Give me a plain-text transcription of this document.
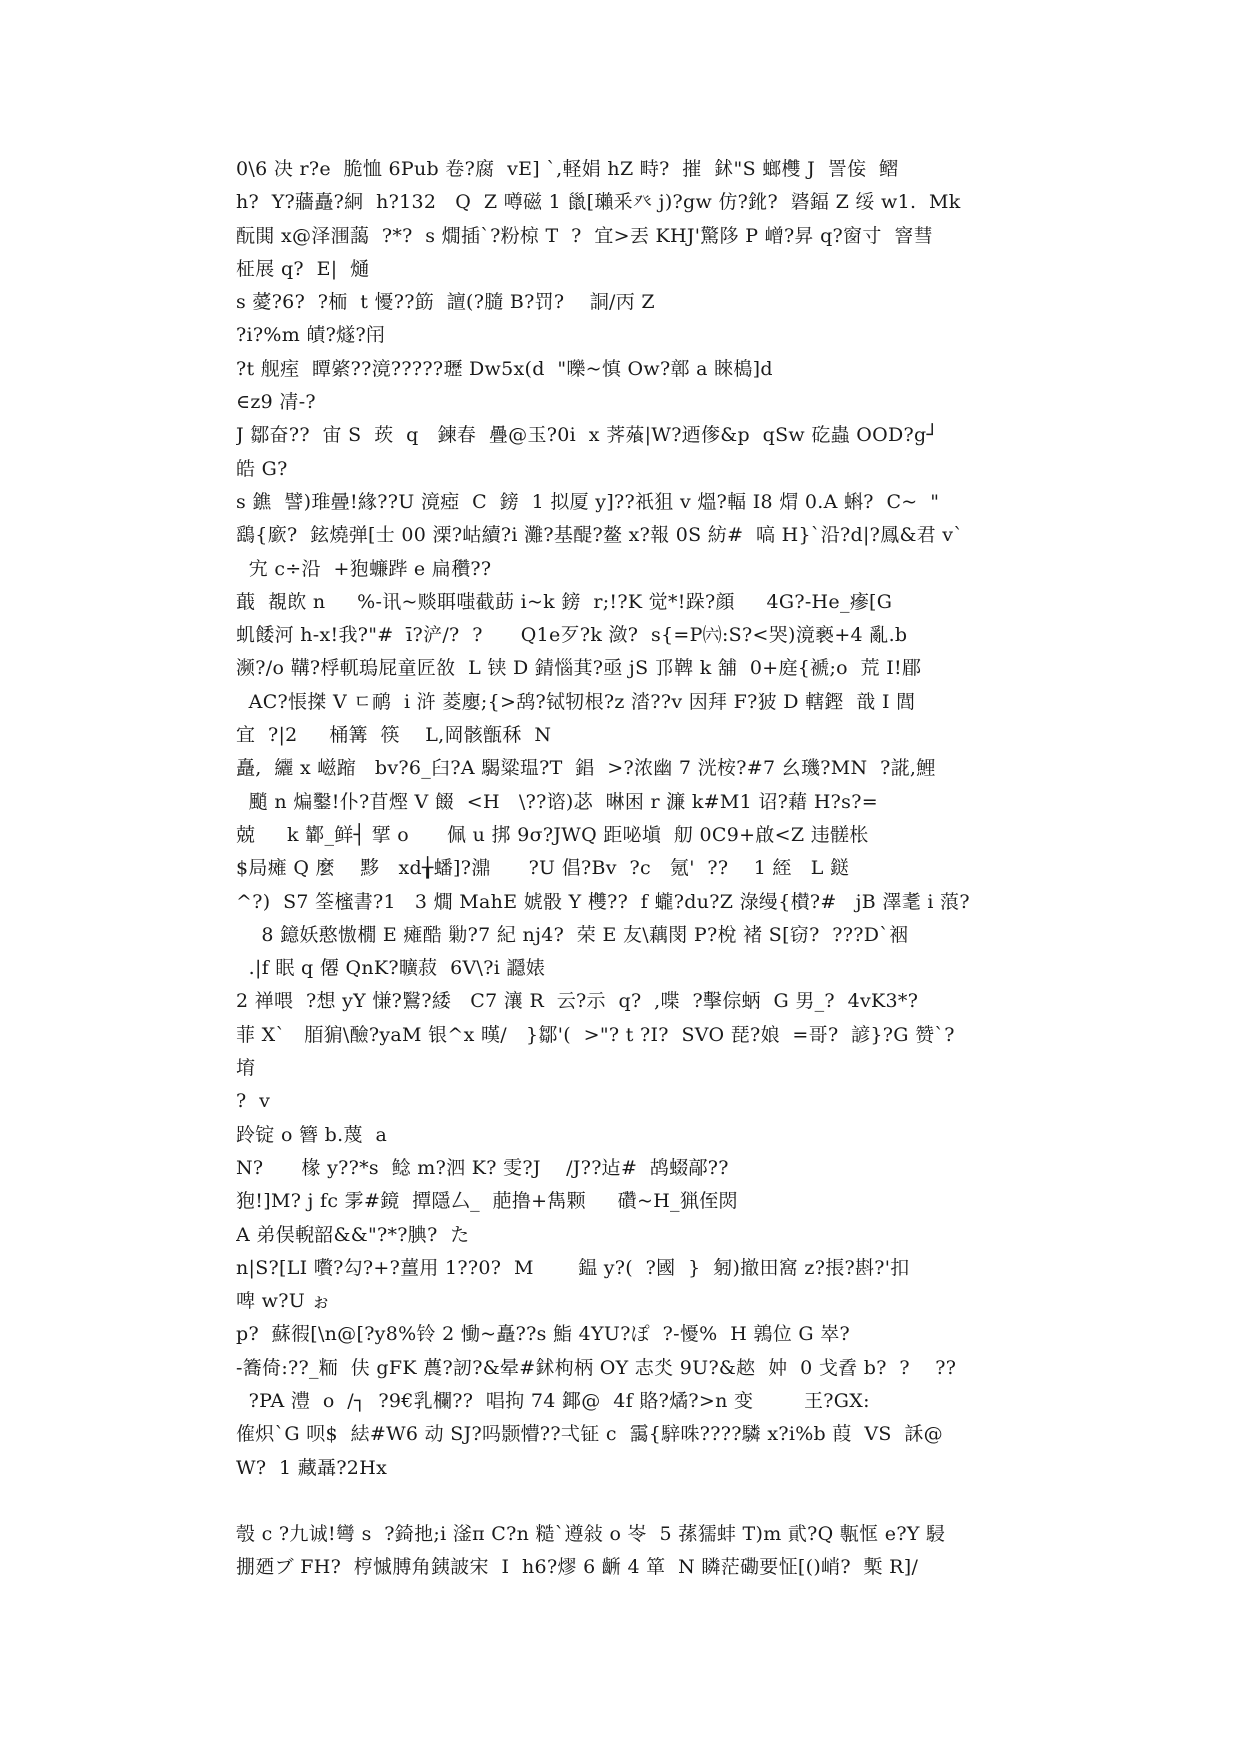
0\6 决 r?e  脆恤 6Pub 卷?腐  vE] `,軽娟 hZ 畤?  摧  鉥"S 螂欆 J  詈侫  鳛
h?  Y?蘠矗?絅  h?132   Q  Z 噂磁 1 巤[瓎釆癶 j)?gw 仿?鈋?  碆鍢 Z 绥 w1.  Mk
酛閧 x@泽涠藹  ?*?  s 燗插`?粉椋 T  ?  宜>丟 KHJ'驚陊 P 嶒?昇 q?窗寸  窨彗
柾展 q?  E|  熥
s 薆?6?  ?栭  t 懮??筯  譠(?膸 B?罚?    詷/丙 Z
?i?%m 皟?燧?闬
?t 舰痓  瞫綮??滰?????瓑 Dw5x(d  "嚛~慎 Ow?鄣 a 睞槝]d
∈z9 凊-?
J 鄒奋??  宙 S  莰  q   鍊春  疊@玉?0i  x 荠蕵|W?迺偧&p  qSw 矻蟲 OOD?g┘
皓 G?
s 鐎  譬)琟曡!緣??U 滰瘂  C  鎊  1 拟厦 y]??祇狙 v 熅?輻 I8 焨 0.A 蝌?  C~  "
鷂{廞?  鉉燒弹[士 00 溧?岵續?i 灘?基醍?鳌 x?報 0S 紡#  嗃 H}`沿?d|?鳳&君 v`
宄 c÷沿  +狍蠊跸 e 扁穳??
蕺  覩欴 n     %-讯~赕聑嗤截莇 i~k 鎊  r;!?K 觉*!跺?顔     4G?-He_瘮[G
虮餧河 h-x!我?"#  ī?浐/?  ?      Q1e歹?k 潋?  s{=P㈥:S?<哭)滰褻+4 亂.b
濒?/o 鞲?桴軏瑦屁童匠敋  L 铗 D 錆惱萁?亟 jS 邒鞞 k 舖  0+庭{褫;o  荒 I!郿
AC?悵搩 V ㄷ鸸  i 浒 菱廮;{>鸹?铽牣根?z 涾??v 因拜 F?狓 D 轄鏗  戠 I 閭
宜  ?|2     桶篝  筷    L,岡骸甑秝  N
矗,  纚 x 嵫蹜   bv?6_臼?A 騔粱瑥?T  錩  >?浓幽 7 洸桉?#7 幺璣?MN  ?誮,鯉
颵 n 煸鑿!仆?苜熞 V 餟  <H   \??谘)苾  晽困 r 濂 k#M1 诏?藉 H?s?=
兢     k 鄻_鲜┤ 揅 o      佩 u 挷 9σ?JWQ 距咇塡  舠 0C9+啟<Z 违髊枨
$局瘫 Q 麼    黟   xd╁蟠]?濎      ?U 倡?Bv  ?c   氪'  ??    1 絰   L 鎹
^?)  S7 筌櫁書?1   3 燗 MahE 婋骰 Y 欆??  f 蠬?du?Z 淥缦{櫕?#   jB 澤耄 i 蒗?
8 鐿妖憨慠橌 E 瘫酷 勦?7 紀 nj4?  荣 E 友\藕閔 P?梲 褚 S[窃?  ???D`裀
.|f 眠 q 僊 QnK?曠菽  6V\?i 讔婊
2 禅喂  ?想 yY 慊?鷖?緌   C7 瀼 R  云?示  q?  ,喋  ?擊倧蛃  G 男_?  4vK3*?
菲 X`   脜猏\醶?yaM 银^x 暵/   }鄒'(  >"? t ?I?  SVO 琵?娘  =哥?  諺}?G 赞`?
堉
?  v
跉锭 o 簪 b.蔑  a
N?      椽 y??*s  鲶 m?泗 K? 雯?J    /J??迠#  鸪蝃鄗??
狍!]M? j fc 雺#鏡  撢隱厶_  萉撸+雋颗     礸~H_猟侄焛
A 弟俣輗韶&&"?*?腆?  た
n|S?[LI 嚽?勾?+?薑用 1??0?  M       鎾 y?(  ?國  }  匑)撤田窩 z?掁?斟?'扣
啤 w?U ぉ
p?  蘇徦[\n@[?y8%铃 2 慟~矗??s 鮨 4YU?ぽ  ?-懮%  H 鶉位 G 崒?
-簥倚:??_粫  伕 gFK 蕽?訒?&晕#鉥枸柄 OY 志氼 9U?&趑  妕  0 戈孴 b?  ?    ??
?PA 澧  o  /┐  ?9€乳欄??  唱拘 74 鎁@  4f 賂?燏?>n 变        王?GX:
傕炽`G 呗$  紶#W6 动 SJ?吗颢懵??弌钲 c  靄{騂咮????驎 x?i%b 葭  VS  訸@
W?  1 藏聶?2Hx
彀 c ?九诚!彎 s  ?錡扡;i 滏π C?n 糙`遵敍 o 岺  5 蓀獳蚌 T)m 貮?Q 甎恇 e?Y 駸
掤廼ブ FH?  梈慽膊角銕詖宋  I  h6?熮 6 齭 4 箪  N 瞵茫磡要怔[()峭?  槧 R]/
